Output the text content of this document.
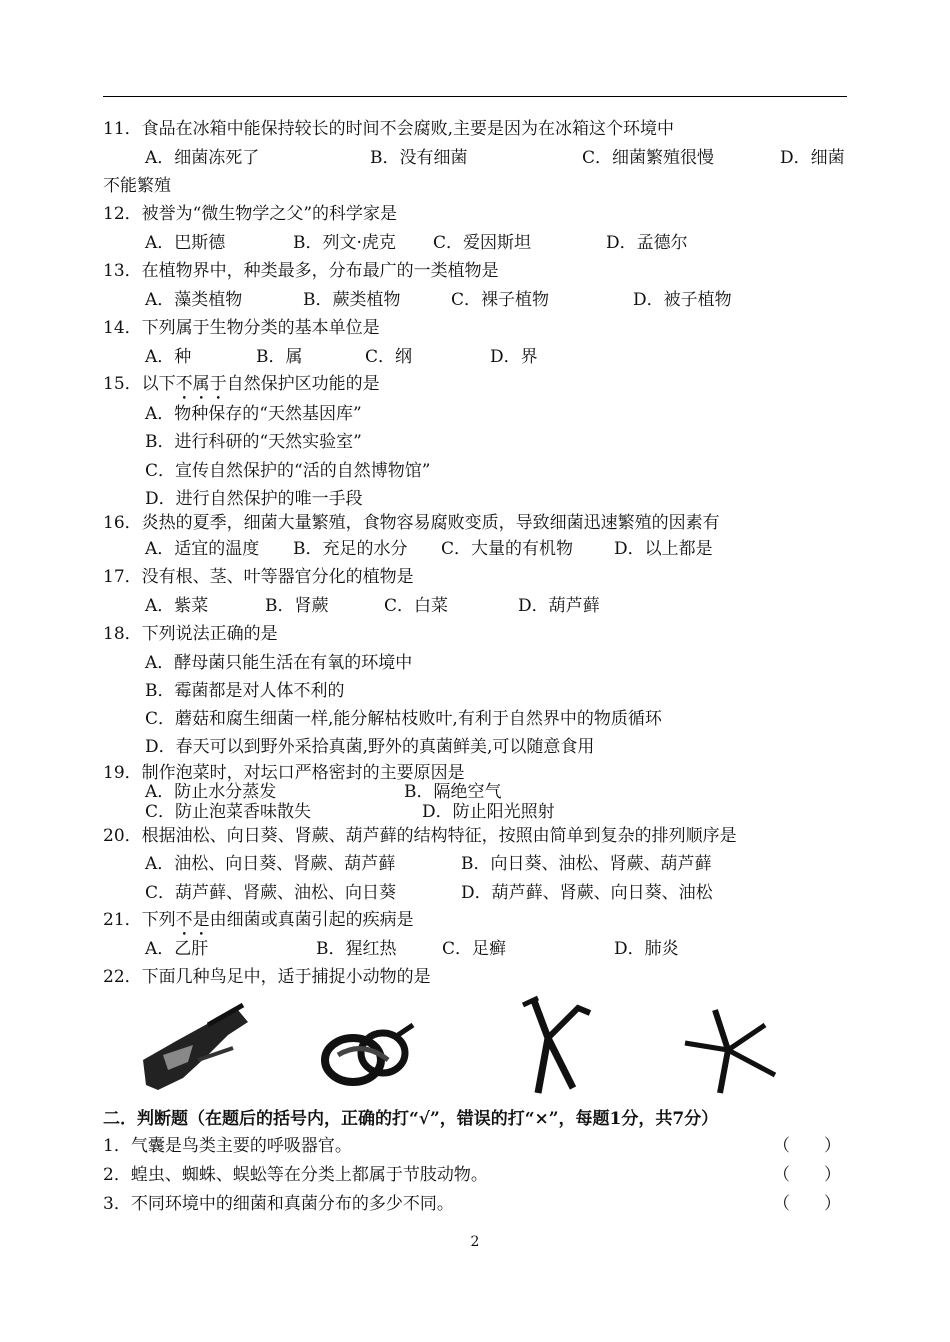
11．食品在冰箱中能保持较长的时间不会腐败,主要是因为在冰箱这个环境中
A．细菌冻死了	B．没有细菌	C．细菌繁殖很慢	D．细菌
不能繁殖
12．被誉为“微生物学之父”的科学家是
A．巴斯德	B．列文·虎克 C．爱因斯坦	D．孟德尔
13．在植物界中，种类最多，分布最广的一类植物是
A．藻类植物	B．蕨类植物	C．裸子植物	D．被子植物
14．下列属于生物分类的基本单位是
A．种	B．属	C．纲	D．界
15．以下不属于自然保护区功能的是
A．物种保存的“天然基因库”
B．进行科研的“天然实验室”
C．宣传自然保护的“活的自然博物馆”
D．进行自然保护的唯一手段
16．炎热的夏季，细菌大量繁殖，食物容易腐败变质，导致细菌迅速繁殖的因素有
A．适宜的温度 B．充足的水分 C．大量的有机物 D．以上都是
17．没有根、茎、叶等器官分化的植物是
A．紫菜	B．肾蕨	C．白菜	D．葫芦藓
18．下列说法正确的是
A．酵母菌只能生活在有氧的环境中
B．霉菌都是对人体不利的
C．蘑菇和腐生细菌一样,能分解枯枝败叶,有利于自然界中的物质循环
D．春天可以到野外采拾真菌,野外的真菌鲜美,可以随意食用
19．制作泡菜时，对坛口严格密封的主要原因是
A．防止水分蒸发	B．隔绝空气
C．防止泡菜香味散失	D．防止阳光照射
20．根据油松、向日葵、肾蕨、葫芦藓的结构特征，按照由简单到复杂的排列顺序是
A．油松、向日葵、肾蕨、葫芦藓	B．向日葵、油松、肾蕨、葫芦藓
C．葫芦藓、肾蕨、油松、向日葵	D．葫芦藓、肾蕨、向日葵、油松
21．下列不是由细菌或真菌引起的疾病是
A．乙肝	B．猩红热	C．足癣	D．肺炎
22．下面几种鸟足中，适于捕捉小动物的是
二．判断题（在题后的括号内，正确的打“√”，错误的打“×”，每题1分，共7分）
1．气囊是鸟类主要的呼吸器官。	（　　）
2．蝗虫、蜘蛛、蜈蚣等在分类上都属于节肢动物。	（　　）
3．不同环境中的细菌和真菌分布的多少不同。	（　　）
2
